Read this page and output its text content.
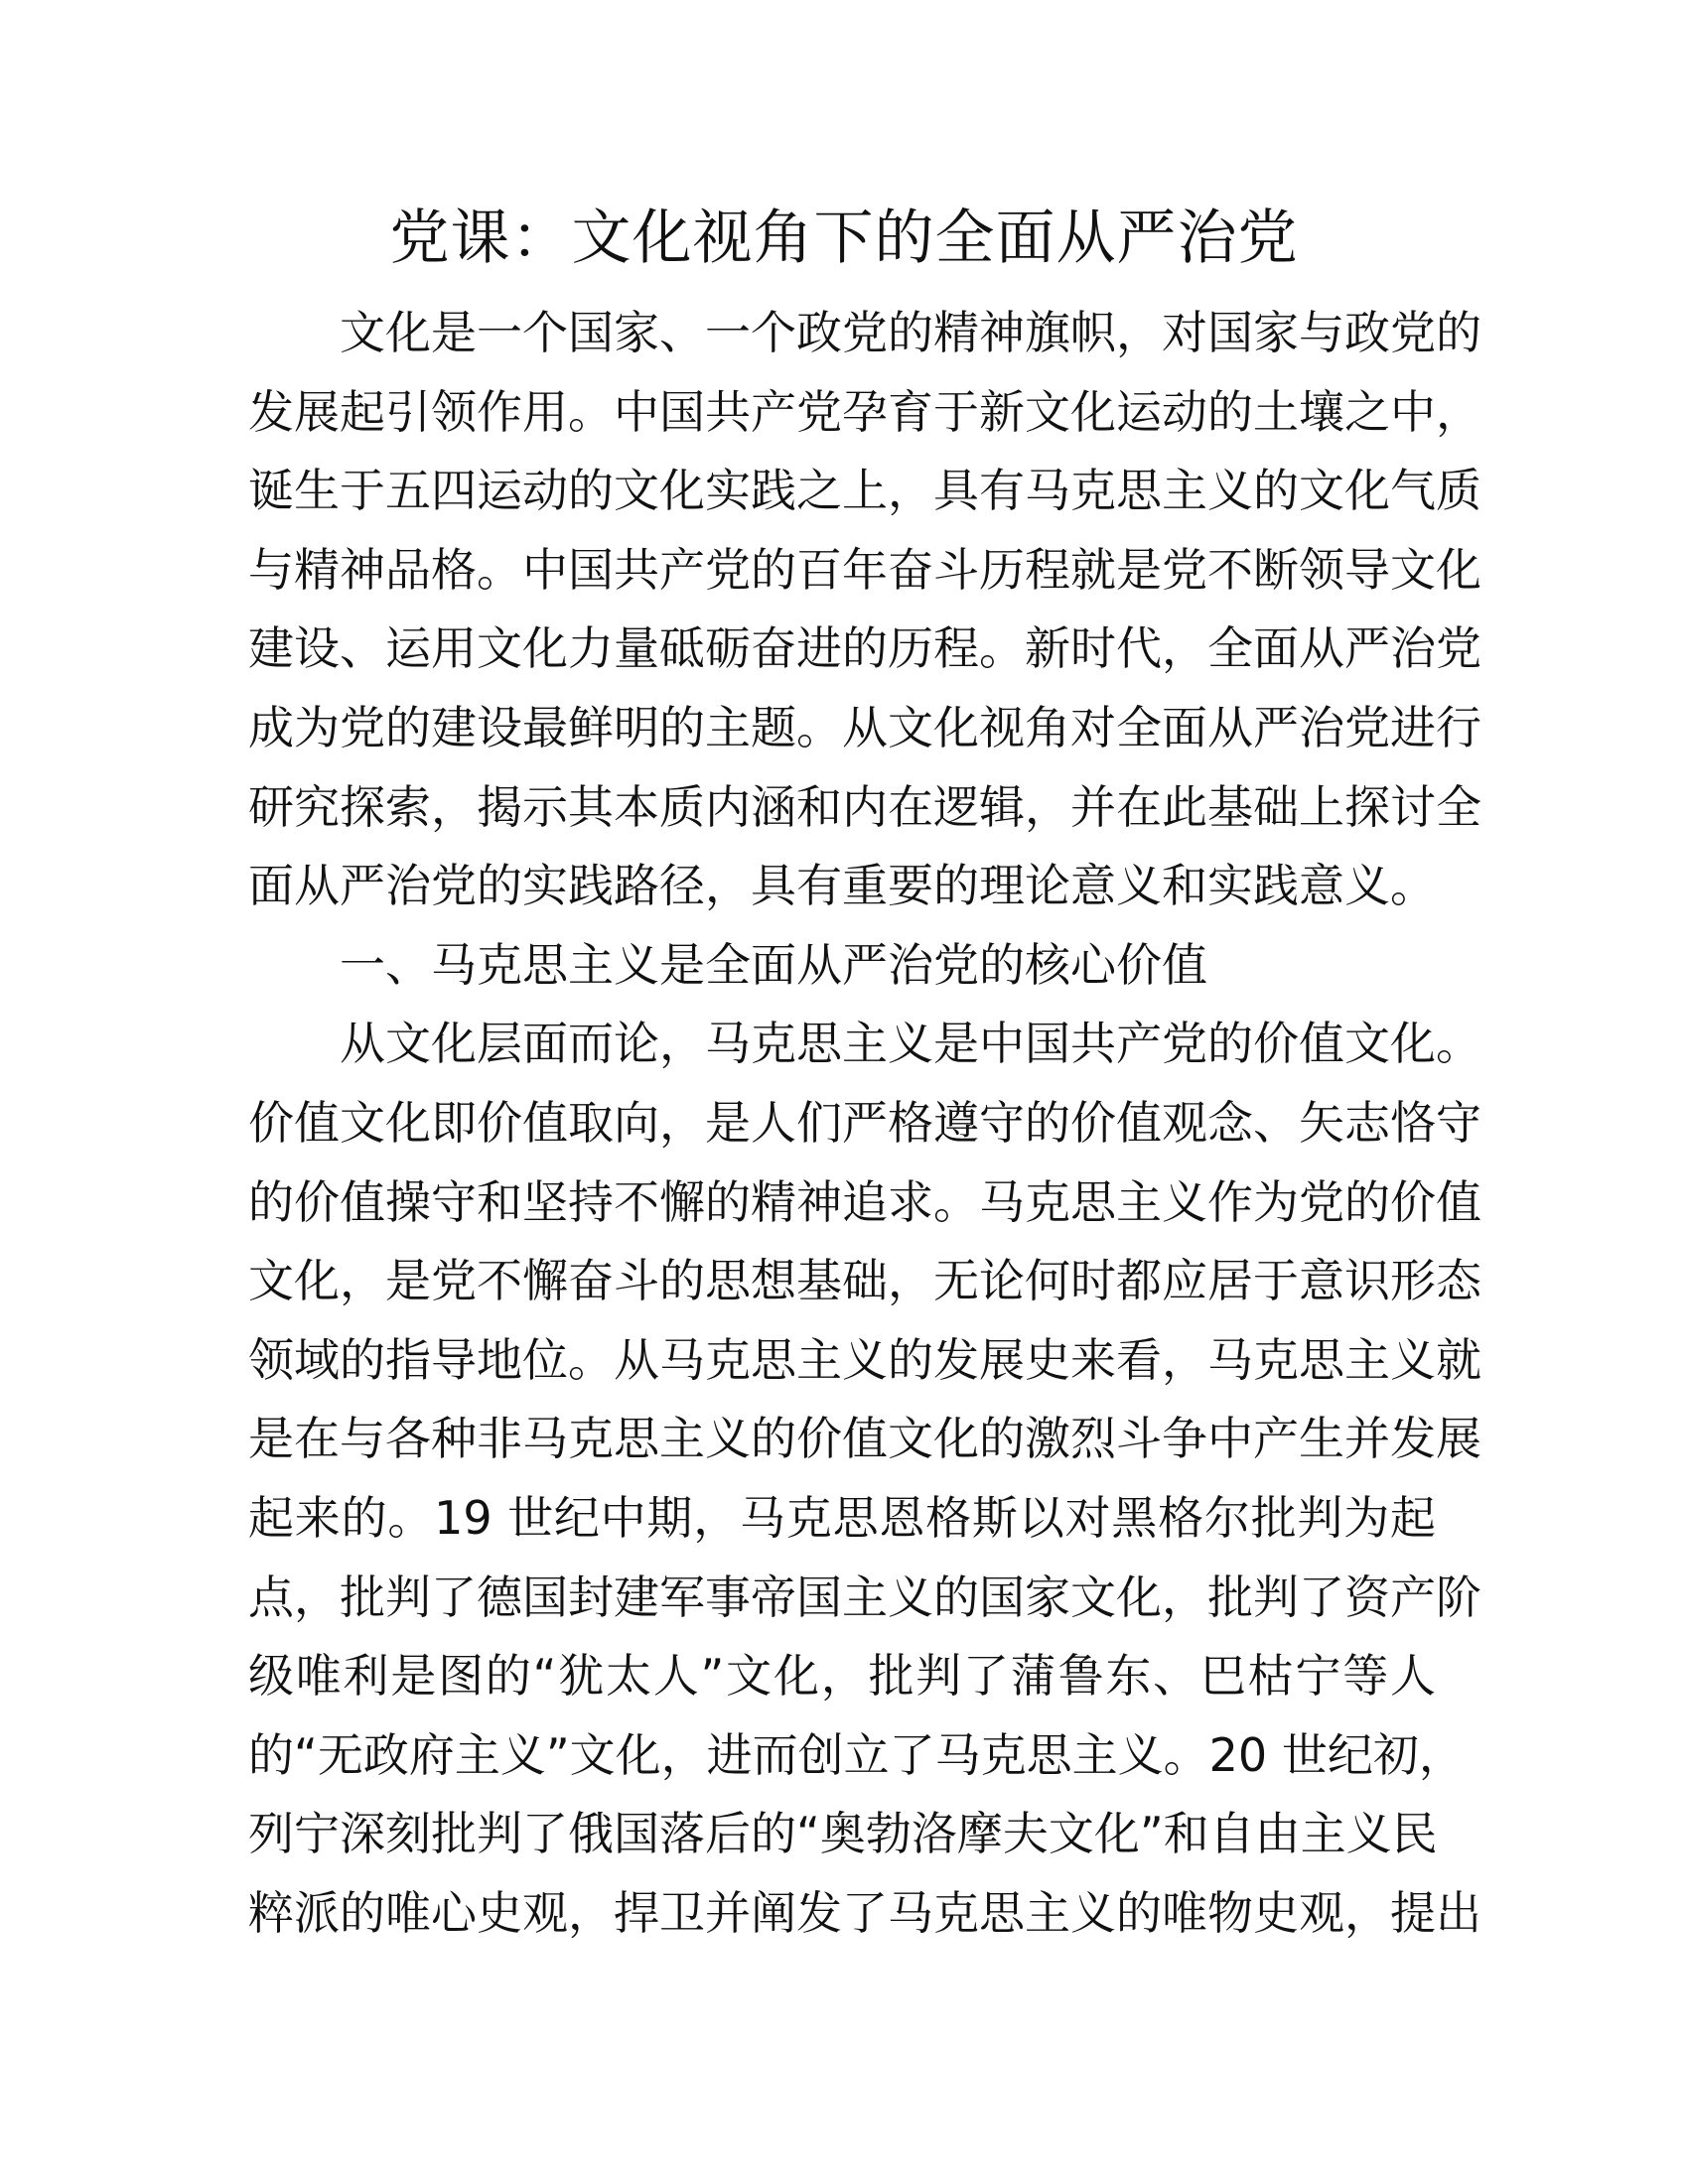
党课：文化视角下的全面从严治党
文化是一个国家、一个政党的精神旗帜，对国家与政党的
发展起引领作用。中国共产党孕育于新文化运动的土壤之中，
诞生于五四运动的文化实践之上，具有马克思主义的文化气质
与精神品格。中国共产党的百年奋斗历程就是党不断领导文化
建设、运用文化力量砥砺奋进的历程。新时代，全面从严治党
成为党的建设最鲜明的主题。从文化视角对全面从严治党进行
研究探索，揭示其本质内涵和内在逻辑，并在此基础上探讨全
面从严治党的实践路径，具有重要的理论意义和实践意义。
一、马克思主义是全面从严治党的核心价值
从文化层面而论，马克思主义是中国共产党的价值文化。
价值文化即价值取向，是人们严格遵守的价值观念、矢志恪守
的价值操守和坚持不懈的精神追求。马克思主义作为党的价值
文化，是党不懈奋斗的思想基础，无论何时都应居于意识形态
领域的指导地位。从马克思主义的发展史来看，马克思主义就
是在与各种非马克思主义的价值文化的激烈斗争中产生并发展
起来的。19 世纪中期，马克思恩格斯以对黑格尔批判为起
点，批判了德国封建军事帝国主义的国家文化，批判了资产阶
级唯利是图的“犹太人”文化，批判了蒲鲁东、巴枯宁等人
的“无政府主义”文化，进而创立了马克思主义。20 世纪初，
列宁深刻批判了俄国落后的“奥勃洛摩夫文化”和自由主义民
粹派的唯心史观，捍卫并阐发了马克思主义的唯物史观，提出
